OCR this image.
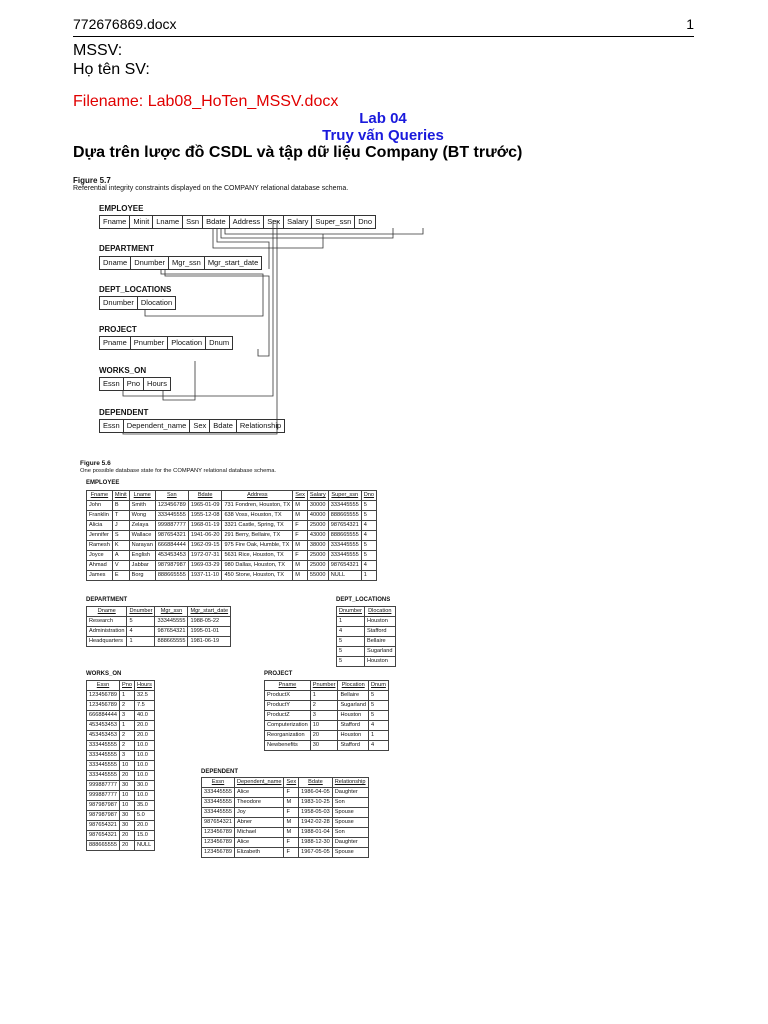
772676869.docx	1
MSSV:
Họ tên SV:
Filename: Lab08_HoTen_MSSV.docx
Lab 04
Truy vấn Queries
Dựa trên lược đồ CSDL và tập dữ liệu Company (BT trước)
Figure 5.7
Referential integrity constraints displayed on the COMPANY relational database schema.
EMPLOYEE
Fname Minit Lname Ssn Bdate Address Sex Salary Super_ssn Dno
DEPARTMENT
Dname Dnumber Mgr_ssn Mgr_start_date
DEPT_LOCATIONS
Dnumber Dlocation
PROJECT
Pname Pnumber Plocation Dnum
WORKS_ON
Essn Pno Hours
DEPENDENT
Essn Dependent_name Sex Bdate Relationship
Figure 5.6
One possible database state for the COMPANY relational database schema.
EMPLOYEE
Fname	Minit	Lname	Ssn	Bdate	Address	Sex	Salary	Super_ssn	Dno
John	B	Smith	123456789	1965-01-09	731 Fondren, Houston, TX	M	30000	333445555	5
Franklin	T	Wong	333445555	1955-12-08	638 Voss, Houston, TX	M	40000	888665555	5
Alicia	J	Zelaya	999887777	1968-01-19	3321 Castle, Spring, TX	F	25000	987654321	4
Jennifer	S	Wallace	987654321	1941-06-20	291 Berry, Bellaire, TX	F	43000	888665555	4
Ramesh	K	Narayan	666884444	1962-09-15	975 Fire Oak, Humble, TX	M	38000	333445555	5
Joyce	A	English	453453453	1972-07-31	5631 Rice, Houston, TX	F	25000	333445555	5
Ahmad	V	Jabbar	987987987	1969-03-29	980 Dallas, Houston, TX	M	25000	987654321	4
James	E	Borg	888665555	1937-11-10	450 Stone, Houston, TX	M	55000	NULL	1
DEPARTMENT
Dname	Dnumber	Mgr_ssn	Mgr_start_date
Research	5	333445555	1988-05-22
Administration	4	987654321	1995-01-01
Headquarters	1	888665555	1981-06-19
DEPT_LOCATIONS
Dnumber	Dlocation
1	Houston
4	Stafford
5	Bellaire
5	Sugarland
5	Houston
WORKS_ON
Essn	Pno	Hours
123456789	1	32.5
123456789	2	7.5
666884444	3	40.0
453453453	1	20.0
453453453	2	20.0
333445555	2	10.0
333445555	3	10.0
333445555	10	10.0
333445555	20	10.0
999887777	30	30.0
999887777	10	10.0
987987987	10	35.0
987987987	30	5.0
987654321	30	20.0
987654321	20	15.0
888665555	20	NULL
PROJECT
Pname	Pnumber	Plocation	Dnum
ProductX	1	Bellaire	5
ProductY	2	Sugarland	5
ProductZ	3	Houston	5
Computerization	10	Stafford	4
Reorganization	20	Houston	1
Newbenefits	30	Stafford	4
DEPENDENT
Essn	Dependent_name	Sex	Bdate	Relationship
333445555	Alice	F	1986-04-05	Daughter
333445555	Theodore	M	1983-10-25	Son
333445555	Joy	F	1958-05-03	Spouse
987654321	Abner	M	1942-02-28	Spouse
123456789	Michael	M	1988-01-04	Son
123456789	Alice	F	1988-12-30	Daughter
123456789	Elizabeth	F	1967-05-05	Spouse
